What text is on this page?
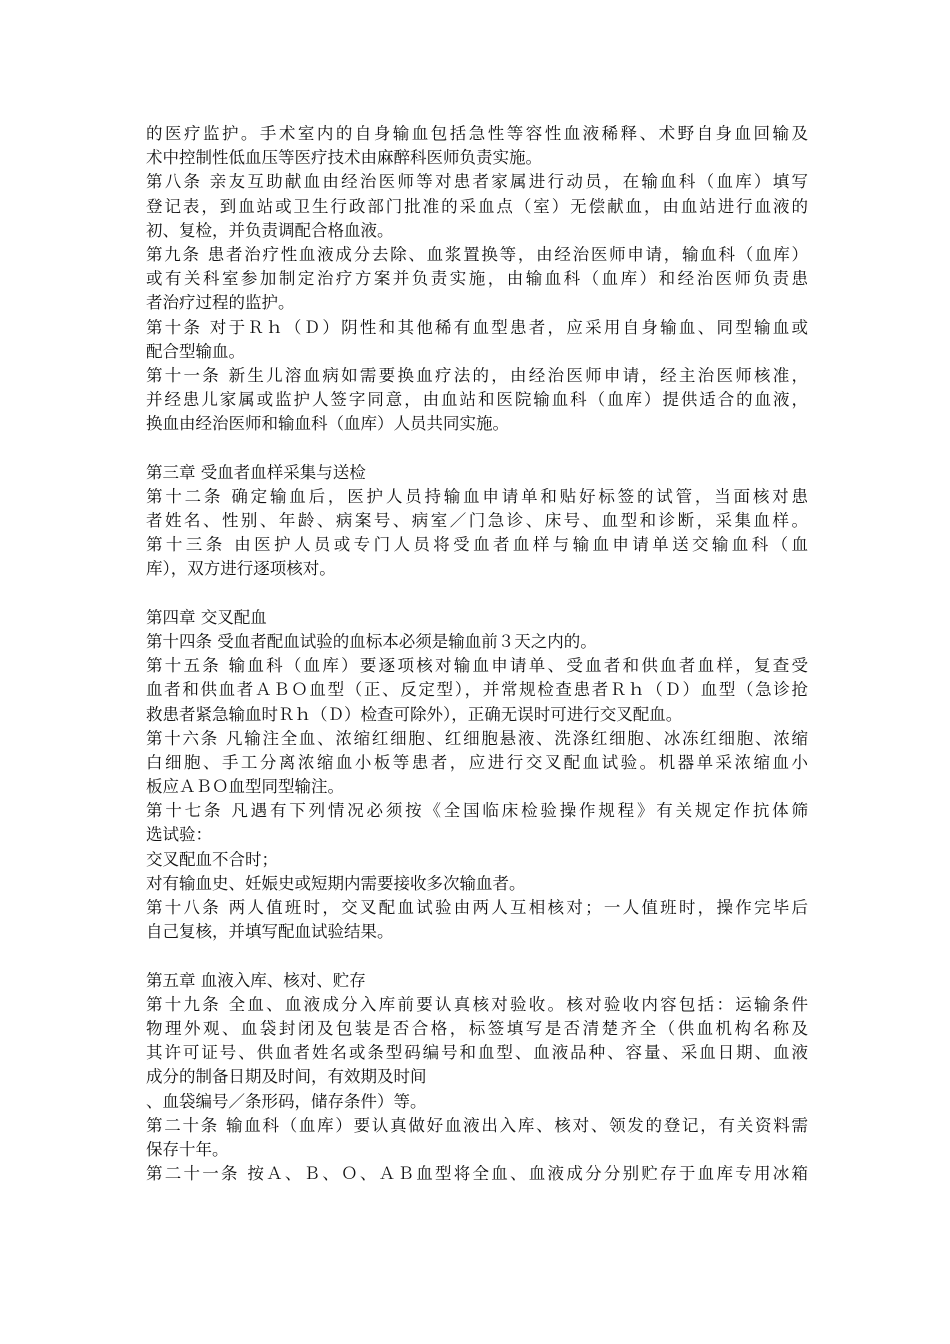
的医疗监护。手术室内的自身输血包括急性等容性血液稀释、术野自身血回输及
术中控制性低血压等医疗技术由麻醉科医师负责实施。
第八条 亲友互助献血由经治医师等对患者家属进行动员，在输血科（血库）填写
登记表，到血站或卫生行政部门批准的采血点（室）无偿献血，由血站进行血液的
初、复检，并负责调配合格血液。
第九条 患者治疗性血液成分去除、血浆置换等，由经治医师申请，输血科（血库）
或有关科室参加制定治疗方案并负责实施，由输血科（血库）和经治医师负责患
者治疗过程的监护。
第十条 对于Ｒｈ（Ｄ）阴性和其他稀有血型患者，应采用自身输血、同型输血或
配合型输血。
第十一条 新生儿溶血病如需要换血疗法的，由经治医师申请，经主治医师核准，
并经患儿家属或监护人签字同意，由血站和医院输血科（血库）提供适合的血液，
换血由经治医师和输血科（血库）人员共同实施。
第三章 受血者血样采集与送检
第十二条 确定输血后，医护人员持输血申请单和贴好标签的试管，当面核对患
者姓名、性别、年龄、病案号、病室／门急诊、床号、血型和诊断，采集血样。
第十三条 由医护人员或专门人员将受血者血样与输血申请单送交输血科（血
库），双方进行逐项核对。
第四章 交叉配血
第十四条 受血者配血试验的血标本必须是输血前３天之内的。
第十五条 输血科（血库）要逐项核对输血申请单、受血者和供血者血样，复查受
血者和供血者ＡＢＯ血型（正、反定型），并常规检查患者Ｒｈ（Ｄ）血型（急诊抢
救患者紧急输血时Ｒｈ（Ｄ）检查可除外），正确无误时可进行交叉配血。
第十六条 凡输注全血、浓缩红细胞、红细胞悬液、洗涤红细胞、冰冻红细胞、浓缩
白细胞、手工分离浓缩血小板等患者，应进行交叉配血试验。机器单采浓缩血小
板应ＡＢＯ血型同型输注。
第十七条 凡遇有下列情况必须按《全国临床检验操作规程》有关规定作抗体筛
选试验：
交叉配血不合时；
对有输血史、妊娠史或短期内需要接收多次输血者。
第十八条 两人值班时，交叉配血试验由两人互相核对；一人值班时，操作完毕后
自己复核，并填写配血试验结果。
第五章 血液入库、核对、贮存
第十九条 全血、血液成分入库前要认真核对验收。核对验收内容包括：运输条件
物理外观、血袋封闭及包装是否合格，标签填写是否清楚齐全（供血机构名称及
其许可证号、供血者姓名或条型码编号和血型、血液品种、容量、采血日期、血液
成分的制备日期及时间，有效期及时间
、血袋编号／条形码，储存条件）等。
第二十条 输血科（血库）要认真做好血液出入库、核对、领发的登记，有关资料需
保存十年。
第二十一条 按Ａ、Ｂ、Ｏ、ＡＢ血型将全血、血液成分分别贮存于血库专用冰箱
